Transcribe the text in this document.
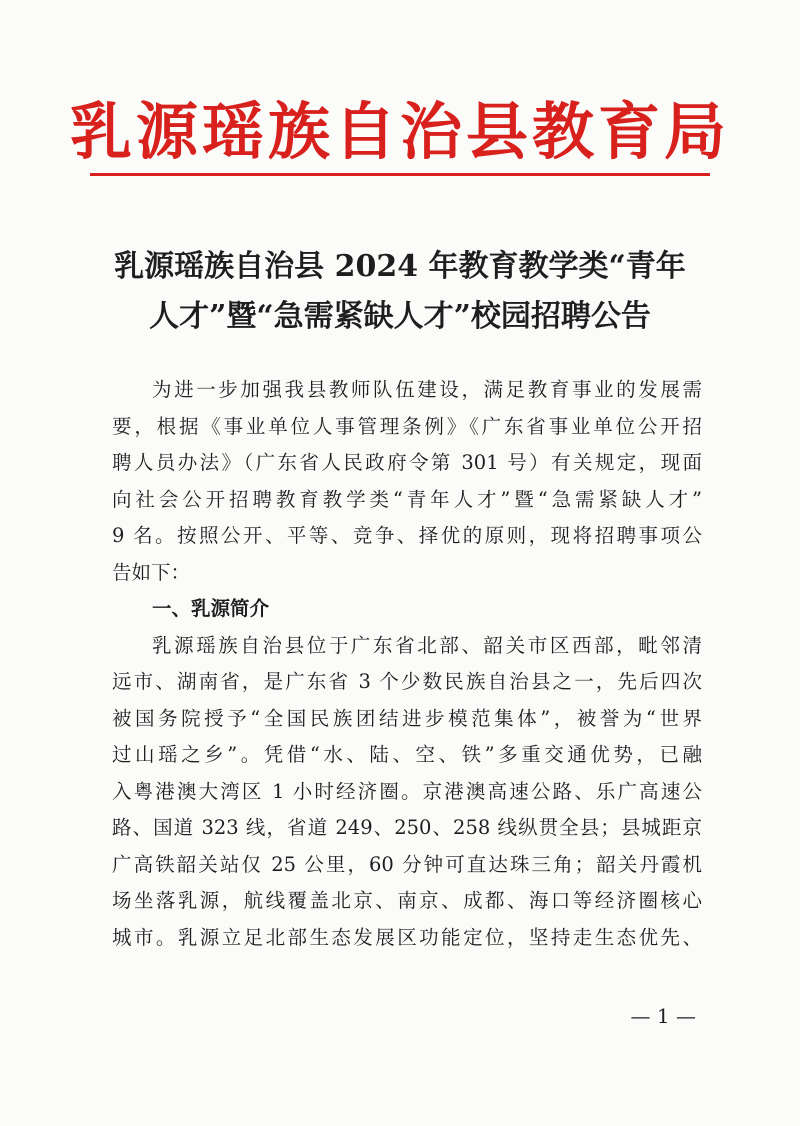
乳源瑶族自治县教育局
乳源瑶族自治县 2024 年教育教学类“青年
人才”暨“急需紧缺人才”校园招聘公告
为进一步加强我县教师队伍建设，满足教育事业的发展需
要，根据《事业单位人事管理条例》《广东省事业单位公开招
聘人员办法》（广东省人民政府令第 301 号）有关规定，现面
向社会公开招聘教育教学类“青年人才”暨“急需紧缺人才”
9 名。按照公开、平等、竞争、择优的原则，现将招聘事项公
告如下：
一、乳源简介
乳源瑶族自治县位于广东省北部、韶关市区西部，毗邻清
远市、湖南省，是广东省 3 个少数民族自治县之一，先后四次
被国务院授予“全国民族团结进步模范集体”，被誉为“世界
过山瑶之乡”。凭借“水、陆、空、铁”多重交通优势，已融
入粤港澳大湾区 1 小时经济圈。京港澳高速公路、乐广高速公
路、国道 323 线，省道 249、250、258 线纵贯全县；县城距京
广高铁韶关站仅 25 公里，60 分钟可直达珠三角；韶关丹霞机
场坐落乳源，航线覆盖北京、南京、成都、海口等经济圈核心
城市。乳源立足北部生态发展区功能定位，坚持走生态优先、
— 1 —
